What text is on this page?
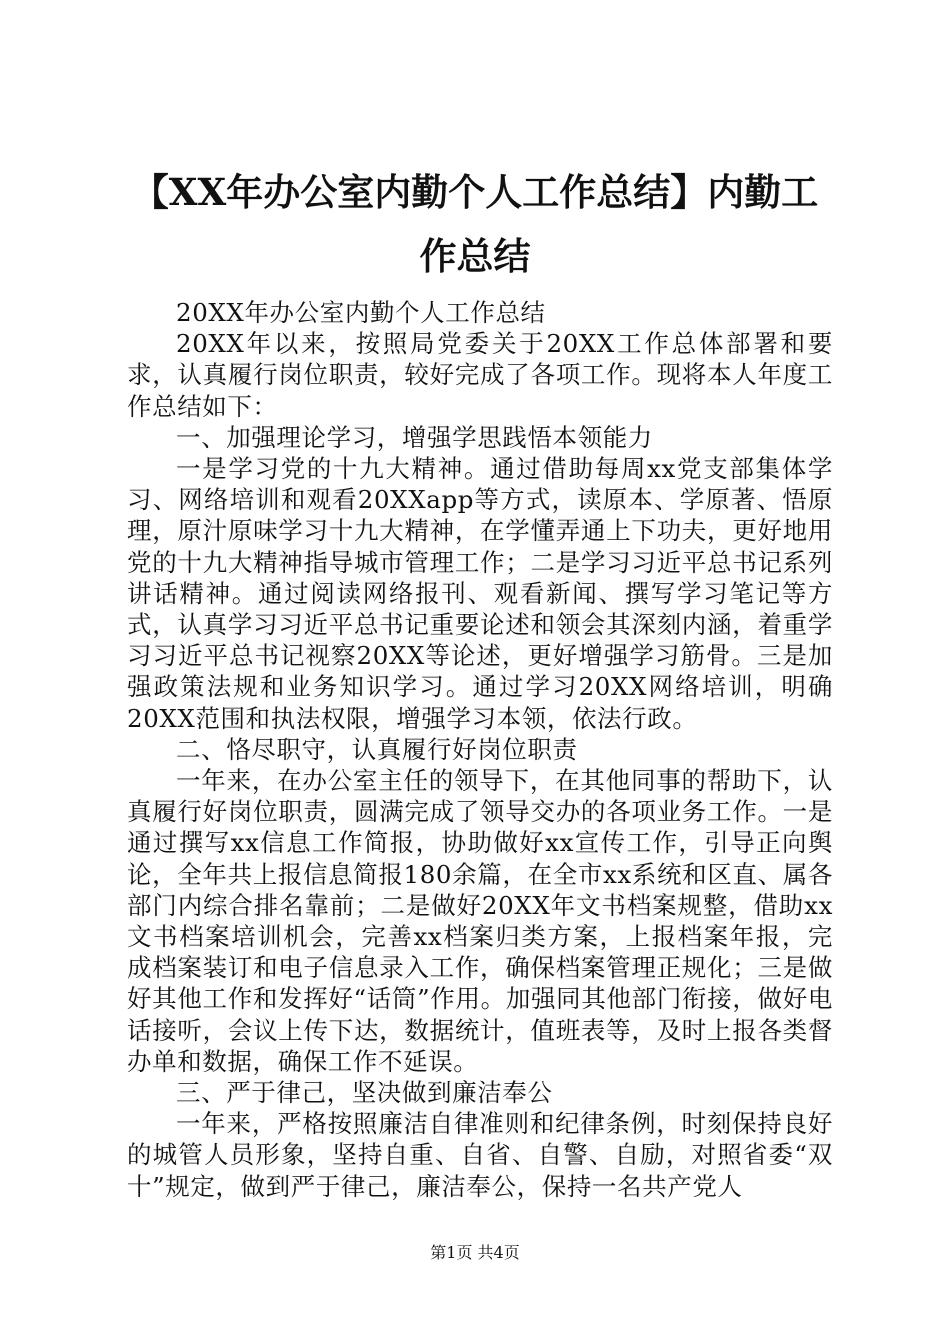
【XX年办公室内勤个人工作总结】内勤工作总结

20XX年办公室内勤个人工作总结

20XX年以来，按照局党委关于20XX工作总体部署和要求，认真履行岗位职责，较好完成了各项工作。现将本人年度工作总结如下：

一、加强理论学习，增强学思践悟本领能力

一是学习党的十九大精神。通过借助每周xx党支部集体学习、网络培训和观看20XXapp等方式，读原本、学原著、悟原理，原汁原味学习十九大精神，在学懂弄通上下功夫，更好地用党的十九大精神指导城市管理工作；二是学习习近平总书记系列讲话精神。通过阅读网络报刊、观看新闻、撰写学习笔记等方式，认真学习习近平总书记重要论述和领会其深刻内涵，着重学习习近平总书记视察20XX等论述，更好增强学习筋骨。三是加强政策法规和业务知识学习。通过学习20XX网络培训，明确20XX范围和执法权限，增强学习本领，依法行政。

二、恪尽职守，认真履行好岗位职责

一年来，在办公室主任的领导下，在其他同事的帮助下，认真履行好岗位职责，圆满完成了领导交办的各项业务工作。一是通过撰写xx信息工作简报，协助做好xx宣传工作，引导正向舆论，全年共上报信息简报180余篇，在全市xx系统和区直、属各部门内综合排名靠前；二是做好20XX年文书档案规整，借助xx文书档案培训机会，完善xx档案归类方案，上报档案年报，完成档案装订和电子信息录入工作，确保档案管理正规化；三是做好其他工作和发挥好“话筒”作用。加强同其他部门衔接，做好电话接听，会议上传下达，数据统计，值班表等，及时上报各类督办单和数据，确保工作不延误。

三、严于律己，坚决做到廉洁奉公

一年来，严格按照廉洁自律准则和纪律条例，时刻保持良好的城管人员形象，坚持自重、自省、自警、自励，对照省委“双十”规定，做到严于律己，廉洁奉公，保持一名共产党人

第1页 共4页
